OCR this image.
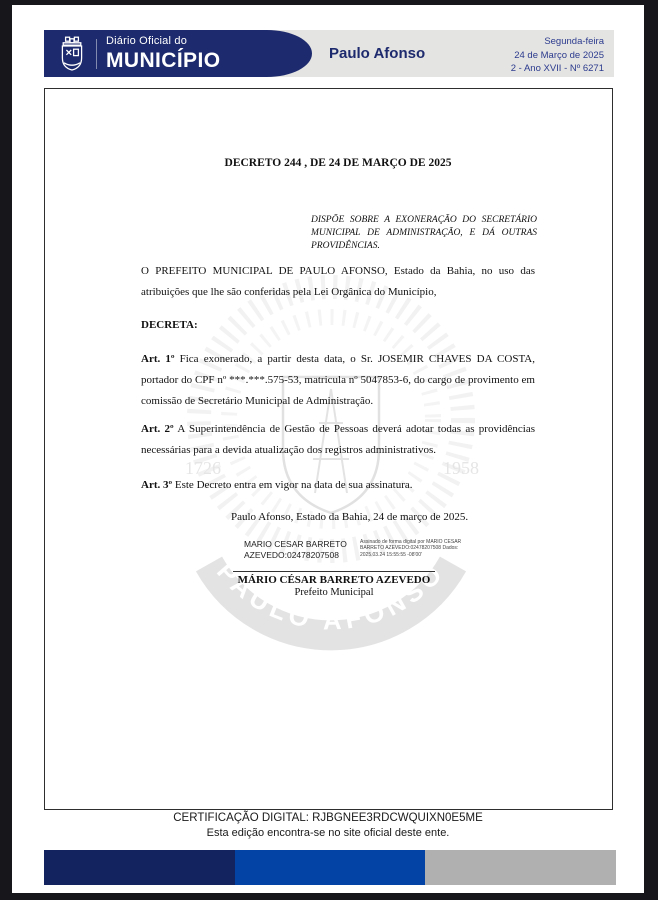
Diário Oficial do
MUNICÍPIO	Paulo Afonso
Segunda-feira
24 de Março de 2025
2 - Ano XVII - Nº 6271
1726	1958
PAULO AFONSO
DECRETO 244 , DE 24 DE MARÇO DE 2025
DISPÕE SOBRE A EXONERAÇÃO DO SECRETÁRIO MUNICIPAL DE ADMINISTRAÇÃO, E DÁ OUTRAS PROVIDÊNCIAS.
O PREFEITO MUNICIPAL DE PAULO AFONSO, Estado da Bahia, no uso das atribuições que lhe são conferidas pela Lei Orgânica do Município,
DECRETA:
Art. 1º Fica exonerado, a partir desta data, o Sr. JOSEMIR CHAVES DA COSTA, portador do CPF nº ***.***.575-53, matricula nº 5047853-6, do cargo de provimento em comissão de Secretário Municipal de Administração.
Art. 2º A Superintendência de Gestão de Pessoas deverá adotar todas as providências necessárias para a devida atualização dos registros administrativos.
Art. 3º Este Decreto entra em vigor na data de sua assinatura.
Paulo Afonso, Estado da Bahia, 24 de março de 2025.
MARIO CESAR BARRETO AZEVEDO:02478207508
Assinado de forma digital por MARIO CESAR BARRETO AZEVEDO:02478207508 Dados: 2025.03.24 15:55:55 -08'00'
MÁRIO CÉSAR BARRETO AZEVEDO
Prefeito Municipal
CERTIFICAÇÃO DIGITAL: RJBGNEE3RDCWQUIXN0E5ME
Esta edição encontra-se no site oficial deste ente.
